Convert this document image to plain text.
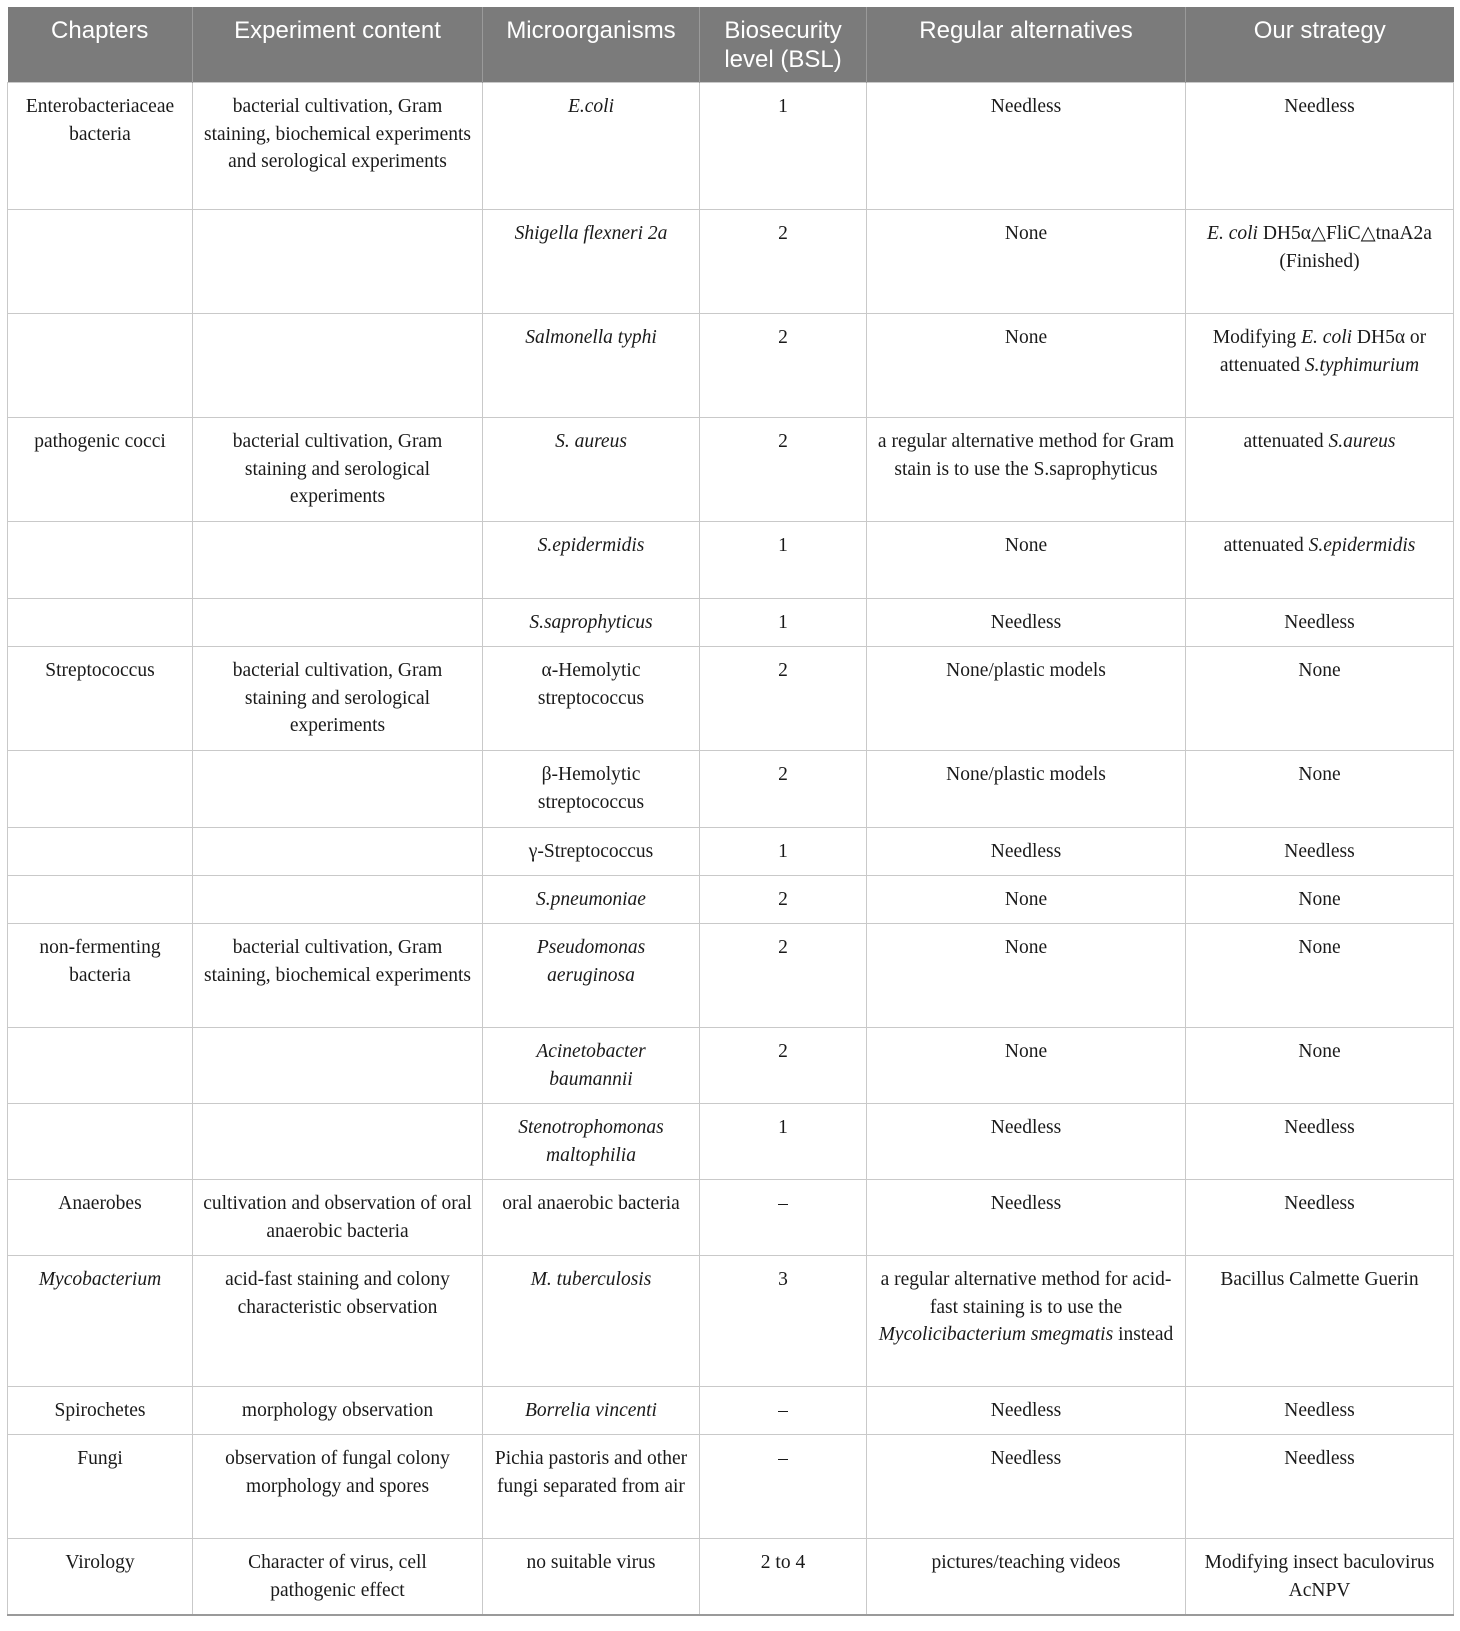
Chapters	Experiment content	Microorganisms	Biosecurity level (BSL)	Regular alternatives	Our strategy
Enterobacteriaceae bacteria	bacterial cultivation, Gram staining, biochemical experiments and serological experiments	E.coli	1	Needless	Needless
		Shigella flexneri 2a	2	None	E. coli DH5α△FliC△tnaA2a (Finished)
		Salmonella typhi	2	None	Modifying E. coli DH5α or attenuated S.typhimurium
pathogenic cocci	bacterial cultivation, Gram staining and serological experiments	S. aureus	2	a regular alternative method for Gram stain is to use the S.saprophyticus	attenuated S.aureus
		S.epidermidis	1	None	attenuated S.epidermidis
		S.saprophyticus	1	Needless	Needless
Streptococcus	bacterial cultivation, Gram staining and serological experiments	α-Hemolytic streptococcus	2	None/plastic models	None
		β-Hemolytic streptococcus	2	None/plastic models	None
		γ-Streptococcus	1	Needless	Needless
		S.pneumoniae	2	None	None
non-fermenting bacteria	bacterial cultivation, Gram staining, biochemical experiments	Pseudomonas aeruginosa	2	None	None
		Acinetobacter baumannii	2	None	None
		Stenotrophomonas maltophilia	1	Needless	Needless
Anaerobes	cultivation and observation of oral anaerobic bacteria	oral anaerobic bacteria	–	Needless	Needless
Mycobacterium	acid-fast staining and colony characteristic observation	M. tuberculosis	3	a regular alternative method for acid-fast staining is to use the Mycolicibacterium smegmatis instead	Bacillus Calmette Guerin
Spirochetes	morphology observation	Borrelia vincenti	–	Needless	Needless
Fungi	observation of fungal colony morphology and spores	Pichia pastoris and other fungi separated from air	–	Needless	Needless
Virology	Character of virus, cell pathogenic effect	no suitable virus	2 to 4	pictures/teaching videos	Modifying insect baculovirus AcNPV
